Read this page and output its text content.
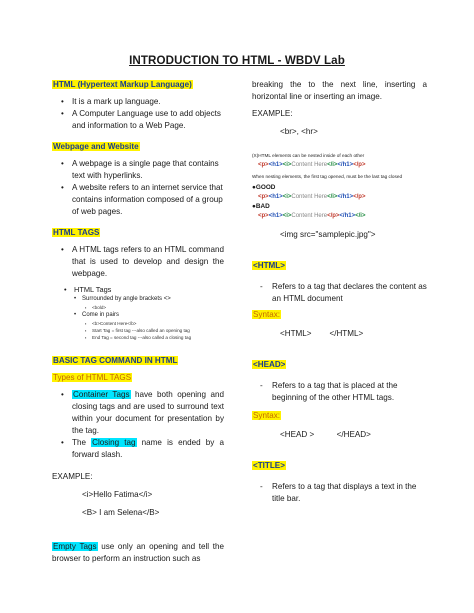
INTRODUCTION TO HTML - WBDV Lab
HTML (Hypertext Markup Language)
• It is a mark up language.
• A Computer Language use to add objects and information to a Web Page.
Webpage and Website
• A webpage is a single page that contains text with hyperlinks.
• A website refers to an internet service that contains information composed of a group of web pages.
HTML TAGS
• A HTML tags refers to an HTML command that is used to develop and design the webpage.
• HTML Tags
• Surrounded by angle brackets <>
▪ <bold>
• Come in pairs
▪ <b>Content Here</b>
▪ Start Tag = first tag ---also called an opening tag
▪ End Tag = second tag ---also called a closing tag
BASIC TAG COMMAND IN HTML
Types of HTML TAGS
• Container Tags have both opening and closing tags and are used to surround text within your document for presentation by the tag.
• The Closing tag name is ended by a forward slash.
EXAMPLE:
<i>Hello Fatima</i>
<B> I am Selena</B>
Empty Tags use only an opening and tell the browser to perform an instruction such as
breaking the to the next line, inserting a horizontal line or inserting an image.
EXAMPLE:
<br>, <hr>
(X)HTML elements can be nested inside of each other
<p><h1><i>Content Here</i></h1></p>
When nesting elements, the first tag opened, must be the last tag closed
●GOOD
<p><h1><i>Content Here</i></h1></p>
●BAD
<p><h1><i>Content Here</p></h1></i>
<img src="samplepic.jpg">
<HTML>
- Refers to a tag that declares the content as an HTML document
Syntax:
<HTML>        </HTML>
<HEAD>
- Refers to a tag that is placed at the beginning of the other HTML tags.
Syntax:
<HEAD >          </HEAD>
<TITLE>
- Refers to a tag that displays a text in the title bar.
